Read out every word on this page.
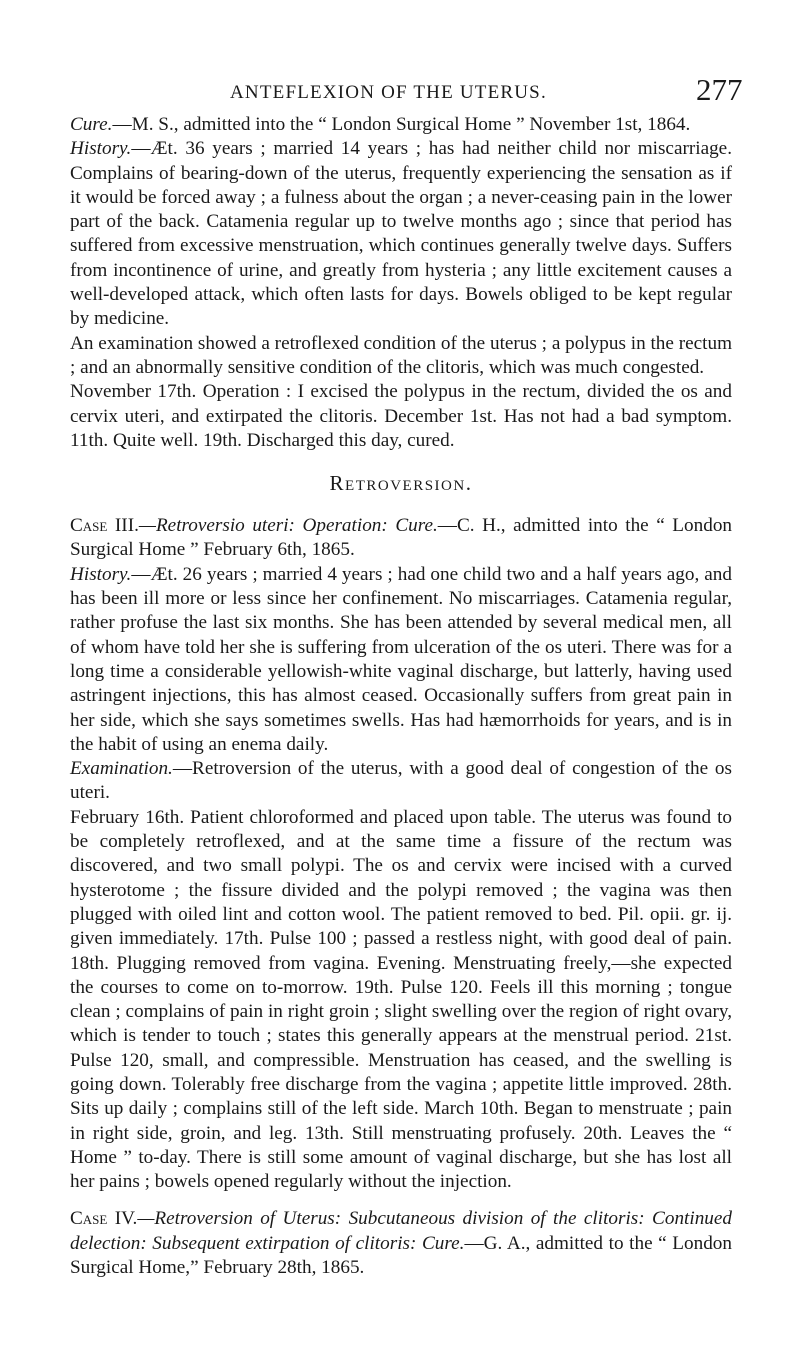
ANTEFLEXION OF THE UTERUS.	277

Cure.—M. S., admitted into the “ London Surgical Home ” November 1st, 1864.

History.—Æt. 36 years ; married 14 years ; has had neither child nor miscarriage. Complains of bearing-down of the uterus, frequently experiencing the sensation as if it would be forced away ; a fulness about the organ ; a never-ceasing pain in the lower part of the back. Catamenia regular up to twelve months ago ; since that period has suffered from excessive menstruation, which continues generally twelve days. Suffers from incontinence of urine, and greatly from hysteria ; any little excitement causes a well-developed attack, which often lasts for days. Bowels obliged to be kept regular by medicine.

An examination showed a retroflexed condition of the uterus ; a polypus in the rectum ; and an abnormally sensitive condition of the clitoris, which was much congested.

November 17th. Operation : I excised the polypus in the rectum, divided the os and cervix uteri, and extirpated the clitoris. December 1st. Has not had a bad symptom. 11th. Quite well. 19th. Discharged this day, cured.

Retroversion.

Case III.—Retroversio uteri: Operation: Cure.—C. H., admitted into the “ London Surgical Home ” February 6th, 1865.

History.—Æt. 26 years ; married 4 years ; had one child two and a half years ago, and has been ill more or less since her confinement. No miscarriages. Catamenia regular, rather profuse the last six months. She has been attended by several medical men, all of whom have told her she is suffering from ulceration of the os uteri. There was for a long time a considerable yellowish-white vaginal discharge, but latterly, having used astringent injections, this has almost ceased. Occasionally suffers from great pain in her side, which she says sometimes swells. Has had hæmorrhoids for years, and is in the habit of using an enema daily.

Examination.—Retroversion of the uterus, with a good deal of congestion of the os uteri.

February 16th. Patient chloroformed and placed upon table. The uterus was found to be completely retroflexed, and at the same time a fissure of the rectum was discovered, and two small polypi. The os and cervix were incised with a curved hysterotome ; the fissure divided and the polypi removed ; the vagina was then plugged with oiled lint and cotton wool. The patient removed to bed. Pil. opii. gr. ij. given immediately. 17th. Pulse 100 ; passed a restless night, with good deal of pain. 18th. Plugging removed from vagina. Evening. Menstruating freely,—she expected the courses to come on to-morrow. 19th. Pulse 120. Feels ill this morning ; tongue clean ; complains of pain in right groin ; slight swelling over the region of right ovary, which is tender to touch ; states this generally appears at the menstrual period. 21st. Pulse 120, small, and compressible. Menstruation has ceased, and the swelling is going down. Tolerably free discharge from the vagina ; appetite little improved. 28th. Sits up daily ; complains still of the left side. March 10th. Began to menstruate ; pain in right side, groin, and leg. 13th. Still menstruating profusely. 20th. Leaves the “ Home ” to-day. There is still some amount of vaginal discharge, but she has lost all her pains ; bowels opened regularly without the injection.

Case IV.—Retroversion of Uterus: Subcutaneous division of the clitoris: Continued delection: Subsequent extirpation of clitoris: Cure.—G. A., admitted to the “ London Surgical Home,” February 28th, 1865.
